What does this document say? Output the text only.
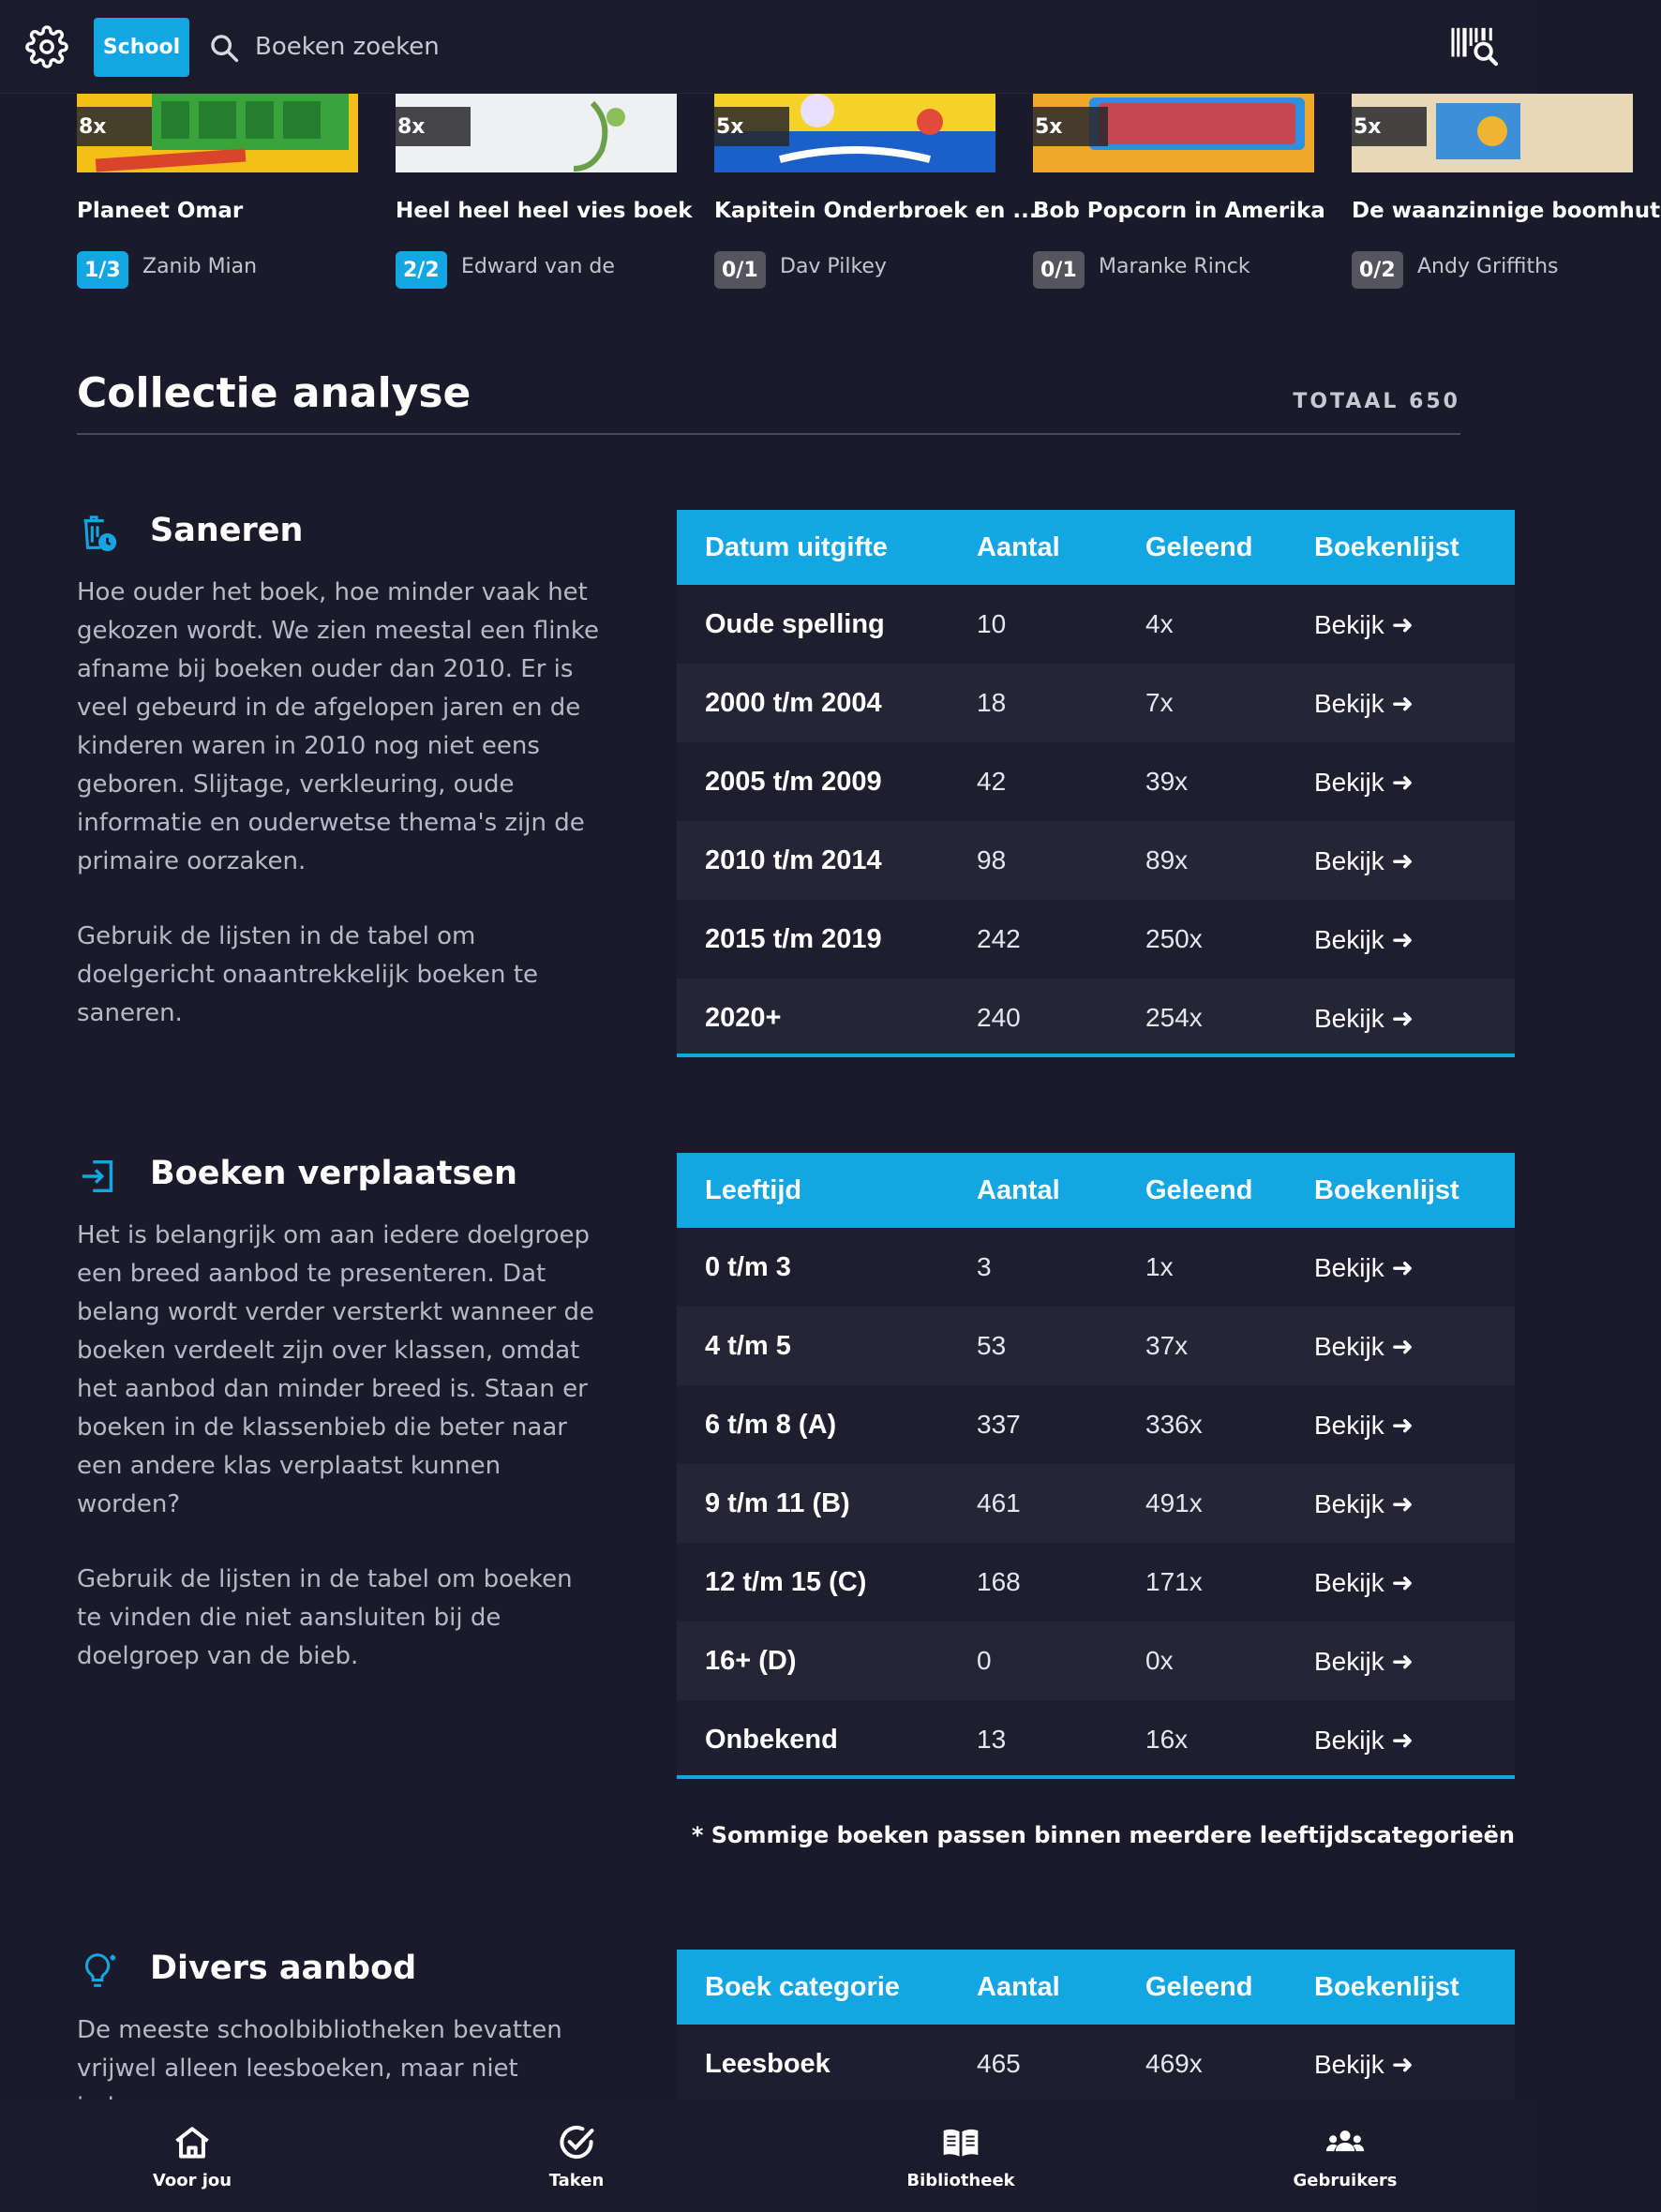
School
Boeken zoeken
8x
Planeet Omar
1/3	Zanib Mian
8x
Heel heel heel vies boek
2/2	Edward van de
5x
Kapitein Onderbroek en ...
0/1	Dav Pilkey
5x
Bob Popcorn in Amerika
0/1	Maranke Rinck
5x
De waanzinnige boomhut
0/2	Andy Griffiths
Collectie analyse	TOTAAL 650
Saneren

Hoe ouder het boek, hoe minder vaak het gekozen wordt. We zien meestal een flinke afname bij boeken ouder dan 2010. Er is veel gebeurd in de afgelopen jaren en de kinderen waren in 2010 nog niet eens geboren. Slijtage, verkleuring, oude informatie en ouderwetse thema's zijn de primaire oorzaken.

Gebruik de lijsten in de tabel om doelgericht onaantrekkelijk boeken te saneren.

Datum uitgifte	Aantal	Geleend	Boekenlijst
Oude spelling	10	4x	Bekijk ➜
2000 t/m 2004	18	7x	Bekijk ➜
2005 t/m 2009	42	39x	Bekijk ➜
2010 t/m 2014	98	89x	Bekijk ➜
2015 t/m 2019	242	250x	Bekijk ➜
2020+	240	254x	Bekijk ➜
Boeken verplaatsen

Het is belangrijk om aan iedere doelgroep een breed aanbod te presenteren. Dat belang wordt verder versterkt wanneer de boeken verdeelt zijn over klassen, omdat het aanbod dan minder breed is. Staan er boeken in de klassenbieb die beter naar een andere klas verplaatst kunnen worden?

Gebruik de lijsten in de tabel om boeken te vinden die niet aansluiten bij de doelgroep van de bieb.

Leeftijd	Aantal	Geleend	Boekenlijst
0 t/m 3	3	1x	Bekijk ➜
4 t/m 5	53	37x	Bekijk ➜
6 t/m 8 (A)	337	336x	Bekijk ➜
9 t/m 11 (B)	461	491x	Bekijk ➜
12 t/m 15 (C)	168	171x	Bekijk ➜
16+ (D)	0	0x	Bekijk ➜
Onbekend	13	16x	Bekijk ➜
* Sommige boeken passen binnen meerdere leeftijdscategorieën
Divers aanbod

De meeste schoolbibliotheken bevatten vrijwel alleen leesboeken, maar niet

Boek categorie	Aantal	Geleend	Boekenlijst
Leesboek	465	469x	Bekijk ➜
Voor jou	Taken	Bibliotheek	Gebruikers
